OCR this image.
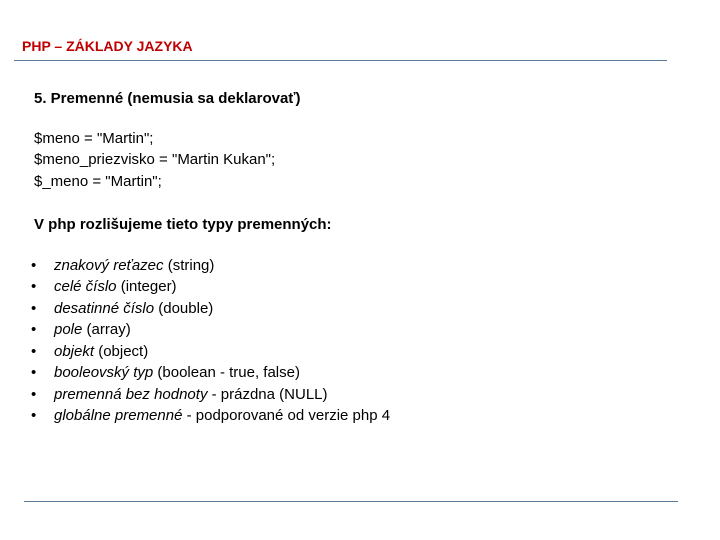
PHP – ZÁKLADY JAZYKA
5. Premenné (nemusia sa deklarovať)
$meno = "Martin";
$meno_priezvisko = "Martin Kukan";
$_meno = "Martin";
V php rozlišujeme tieto typy premenných:
• znakový reťazec (string)
• celé číslo (integer)
• desatinné číslo (double)
• pole (array)
• objekt (object)
• booleovský typ (boolean - true, false)
• premenná bez hodnoty - prázdna (NULL)
• globálne premenné - podporované od verzie php 4
